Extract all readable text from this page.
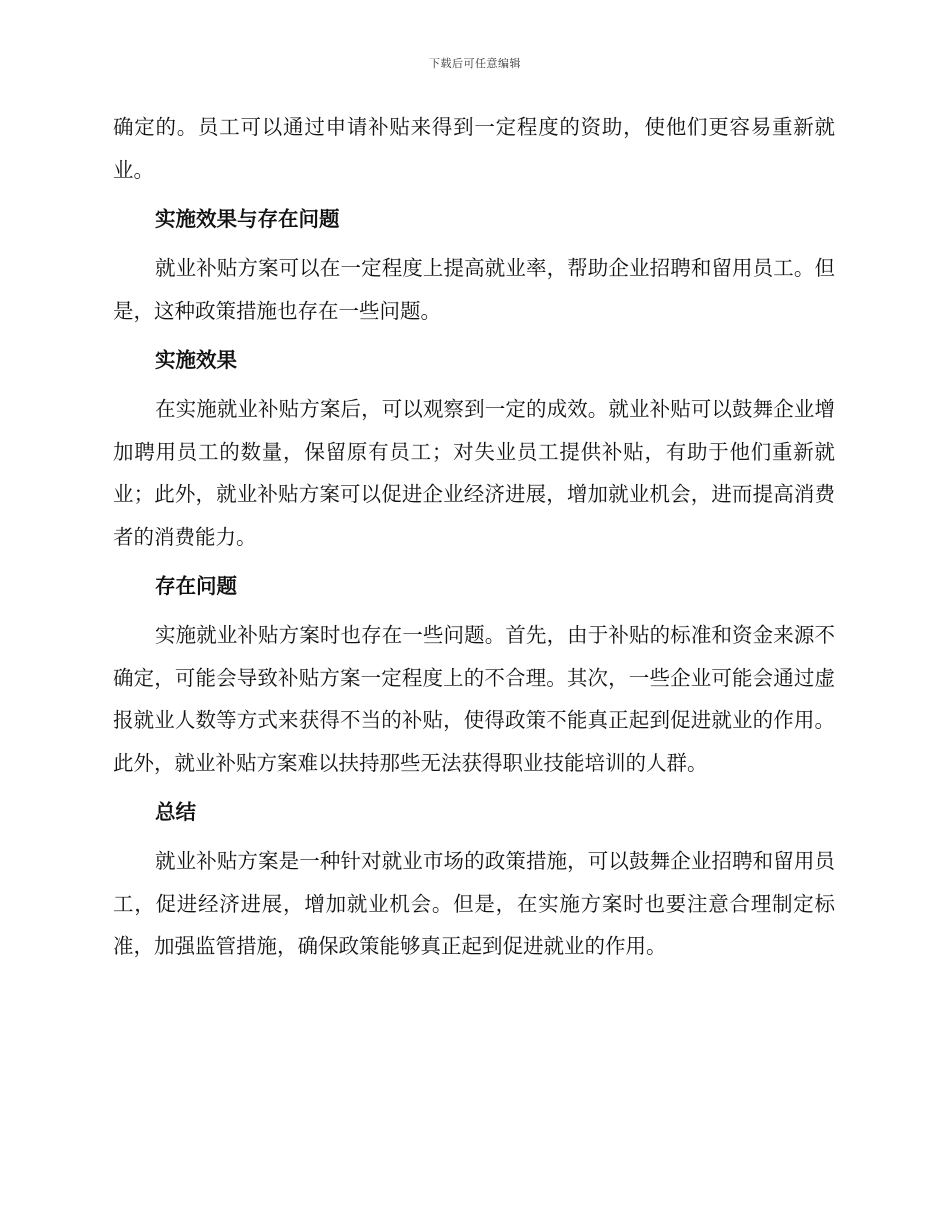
下载后可任意编辑

确定的。员工可以通过申请补贴来得到一定程度的资助，使他们更容易重新就业。

实施效果与存在问题

就业补贴方案可以在一定程度上提高就业率，帮助企业招聘和留用员工。但是，这种政策措施也存在一些问题。

实施效果

在实施就业补贴方案后，可以观察到一定的成效。就业补贴可以鼓舞企业增加聘用员工的数量，保留原有员工；对失业员工提供补贴，有助于他们重新就业；此外，就业补贴方案可以促进企业经济进展，增加就业机会，进而提高消费者的消费能力。

存在问题

实施就业补贴方案时也存在一些问题。首先，由于补贴的标准和资金来源不确定，可能会导致补贴方案一定程度上的不合理。其次，一些企业可能会通过虚报就业人数等方式来获得不当的补贴，使得政策不能真正起到促进就业的作用。此外，就业补贴方案难以扶持那些无法获得职业技能培训的人群。

总结

就业补贴方案是一种针对就业市场的政策措施，可以鼓舞企业招聘和留用员工，促进经济进展，增加就业机会。但是，在实施方案时也要注意合理制定标准，加强监管措施，确保政策能够真正起到促进就业的作用。
